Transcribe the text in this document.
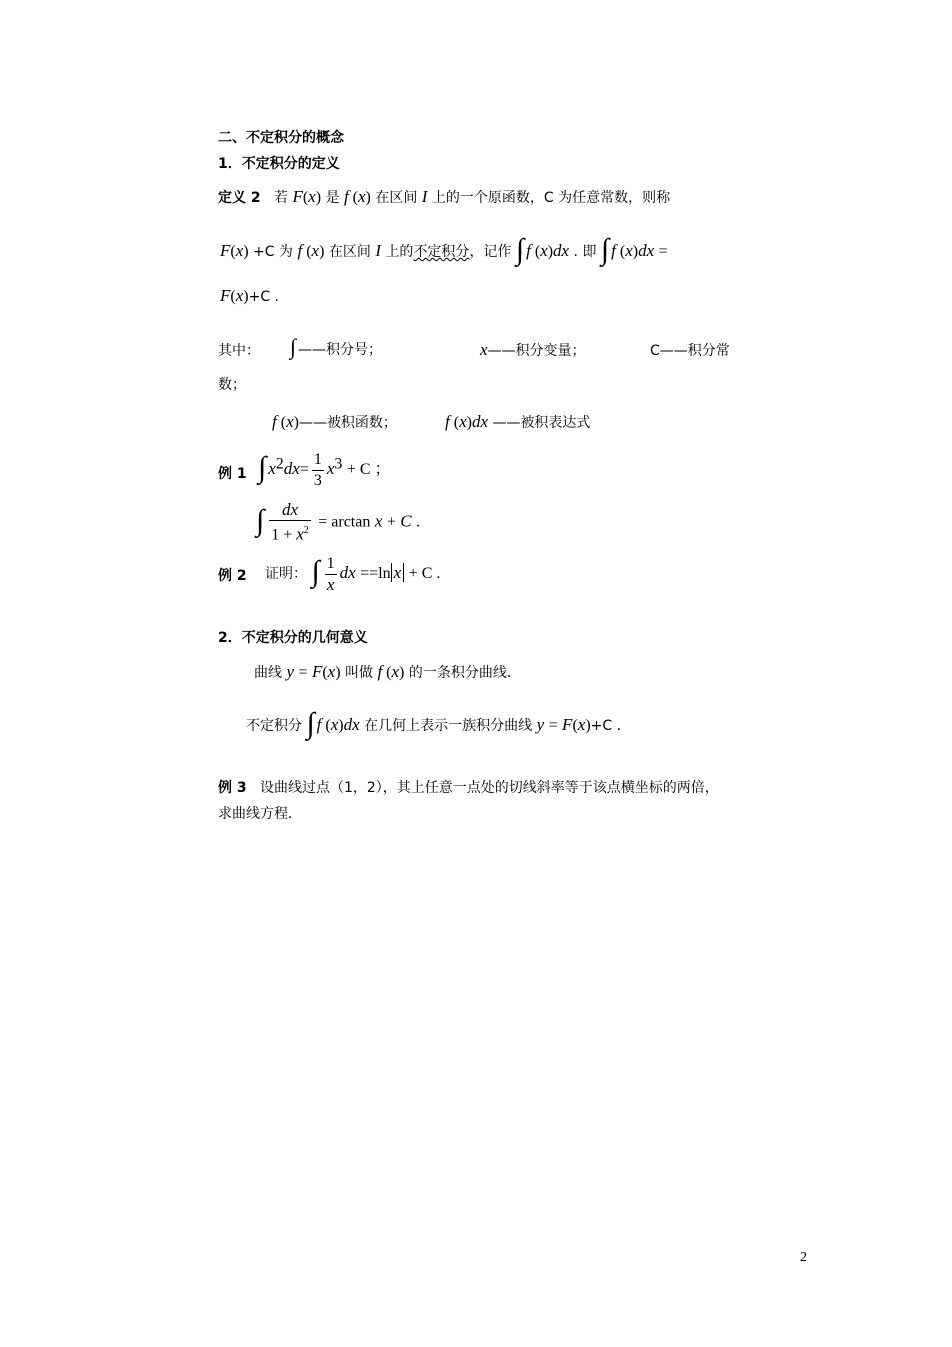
二、不定积分的概念
1．不定积分的定义
定义 2 若 F(x) 是 f (x) 在区间 I 上的一个原函数，C 为任意常数，则称
F(x) +C 为 f (x) 在区间 I 上的不定积分，记作 ∫ f (x)dx . 即 ∫ f (x)dx =
F(x)+C .
其中： ∫ ——积分号；	x——积分变量；	C——积分常
数；
f (x)——被积函数；	f (x)dx ——被积表达式
例 1 ∫ $x^2dx= \frac{1}{3} x^3 + C$ ；
∫ $\frac{dx}{1 + x^2} = \arctan x + C$ .
例 2 证明： ∫ $\frac{1}{x}$ dx ==ln x + C .
2．不定积分的几何意义
曲线 y = F(x) 叫做 f (x) 的一条积分曲线．
不定积分 ∫ f (x)dx 在几何上表示一族积分曲线 y = F(x)+C .
例 3 设曲线过点（1，2），其上任意一点处的切线斜率等于该点横坐标的两倍，
求曲线方程．
2
